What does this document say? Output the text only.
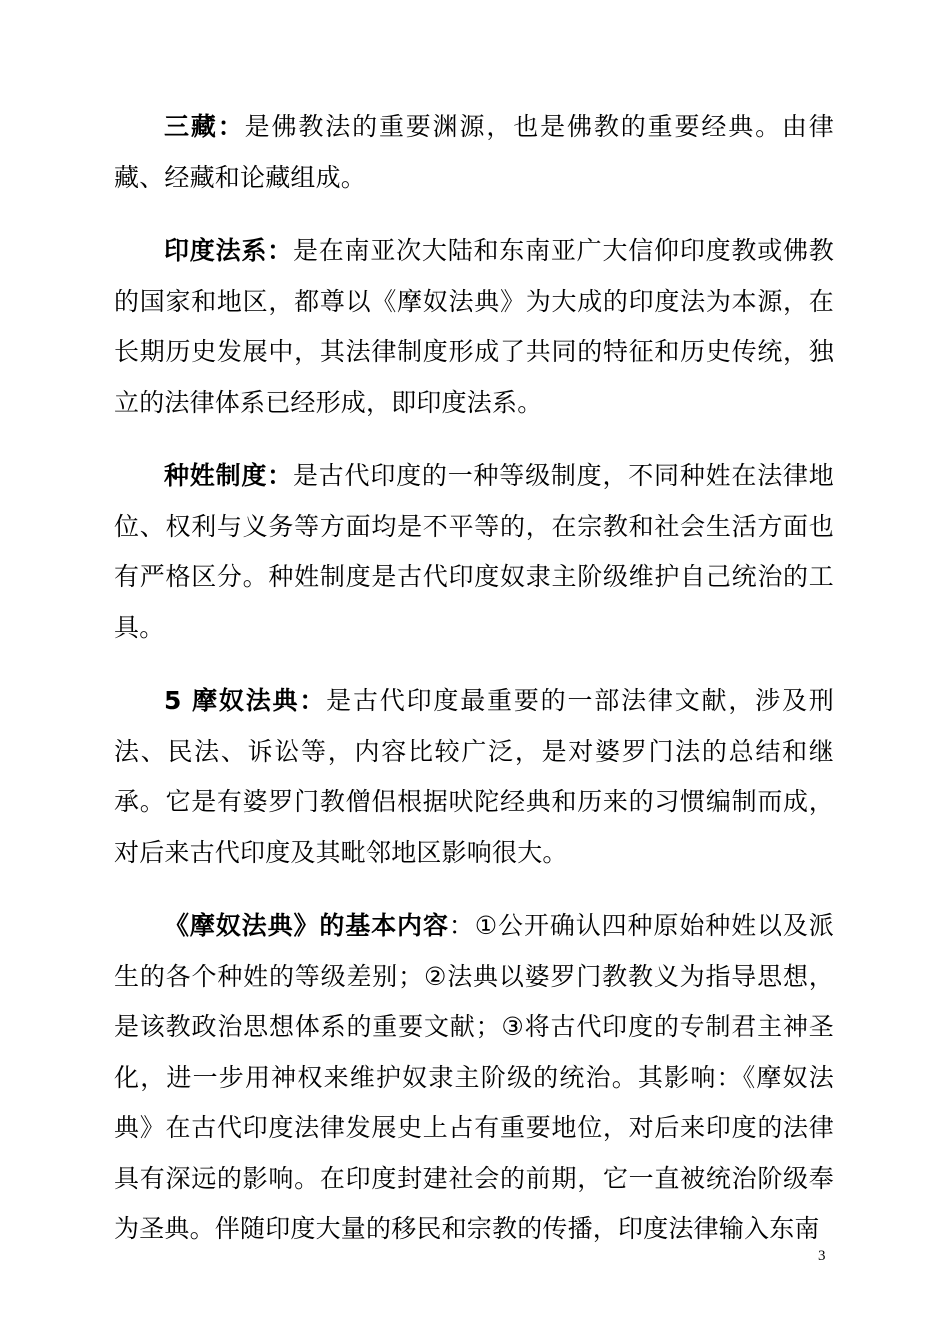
三藏：是佛教法的重要渊源，也是佛教的重要经典。由律藏、经藏和论藏组成。

印度法系：是在南亚次大陆和东南亚广大信仰印度教或佛教的国家和地区，都尊以《摩奴法典》为大成的印度法为本源，在长期历史发展中，其法律制度形成了共同的特征和历史传统，独立的法律体系已经形成，即印度法系。

种姓制度：是古代印度的一种等级制度，不同种姓在法律地位、权利与义务等方面均是不平等的，在宗教和社会生活方面也有严格区分。种姓制度是古代印度奴隶主阶级维护自己统治的工具。

5 摩奴法典：是古代印度最重要的一部法律文献，涉及刑法、民法、诉讼等，内容比较广泛，是对婆罗门法的总结和继承。它是有婆罗门教僧侣根据吠陀经典和历来的习惯编制而成，对后来古代印度及其毗邻地区影响很大。

《摩奴法典》的基本内容：①公开确认四种原始种姓以及派生的各个种姓的等级差别；②法典以婆罗门教教义为指导思想，是该教政治思想体系的重要文献；③将古代印度的专制君主神圣化，进一步用神权来维护奴隶主阶级的统治。其影响：《摩奴法典》在古代印度法律发展史上占有重要地位，对后来印度的法律具有深远的影响。在印度封建社会的前期，它一直被统治阶级奉为圣典。伴随印度大量的移民和宗教的传播，印度法律输入东南

3
